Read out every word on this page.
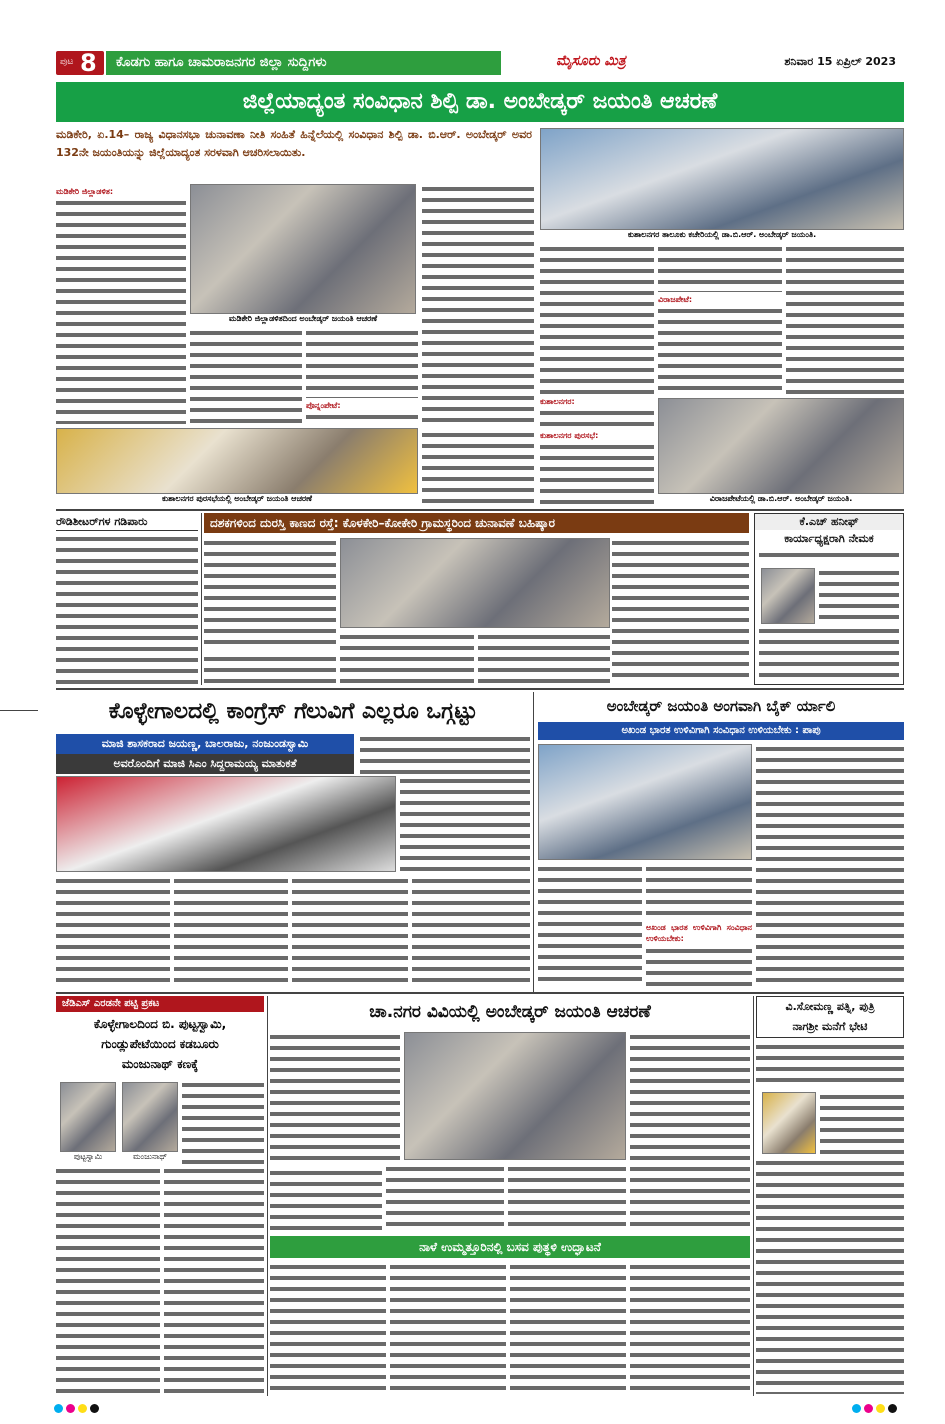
ಪುಟ 8	ಕೊಡಗು ಹಾಗೂ ಚಾಮರಾಜನಗರ ಜಿಲ್ಲಾ ಸುದ್ದಿಗಳು	ಮೈಸೂರು ಮಿತ್ರ	ಶನಿವಾರ 15 ಏಪ್ರಿಲ್ 2023
ಜಿಲ್ಲೆಯಾದ್ಯಂತ ಸಂವಿಧಾನ ಶಿಲ್ಪಿ ಡಾ. ಅಂಬೇಡ್ಕರ್ ಜಯಂತಿ ಆಚರಣೆ
ಮಡಿಕೇರಿ, ಏ.14– ರಾಜ್ಯ ವಿಧಾನಸಭಾ ಚುನಾವಣಾ ನೀತಿ ಸಂಹಿತೆ ಹಿನ್ನೆಲೆಯಲ್ಲಿ ಸಂವಿಧಾನ ಶಿಲ್ಪಿ ಡಾ. ಬಿ.ಆರ್. ಅಂಬೇಡ್ಕರ್ ಅವರ 132ನೇ ಜಯಂತಿಯನ್ನು ಜಿಲ್ಲೆಯಾದ್ಯಂತ ಸರಳವಾಗಿ ಆಚರಿಸಲಾಯಿತು.
ಮಡಿಕೇರಿ ಜಿಲ್ಲಾಡಳಿತ:
ಮಡಿಕೇರಿ ಜಿಲ್ಲಾಡಳಿತದಿಂದ ಅಂಬೇಡ್ಕರ್ ಜಯಂತಿ ಆಚರಣೆ
ಪೊನ್ನಂಪೇಟೆ:
ಕುಶಾಲನಗರ ತಾಲೂಕು ಕಚೇರಿಯಲ್ಲಿ ಡಾ.ಬಿ.ಆರ್. ಅಂಬೇಡ್ಕರ್ ಜಯಂತಿ.
ಕುಶಾಲನಗರ:
ವಿರಾಜಪೇಟೆ:
ಕುಶಾಲನಗರ ಪುರಸಭೆಯಲ್ಲಿ ಅಂಬೇಡ್ಕರ್ ಜಯಂತಿ ಆಚರಣೆ
ಕುಶಾಲನಗರ ಪುರಸಭೆ:
ವಿರಾಜಪೇಟೆಯಲ್ಲಿ ಡಾ.ಬಿ.ಆರ್. ಅಂಬೇಡ್ಕರ್ ಜಯಂತಿ.
ರೌಡಿಶೀಟರ್‌ಗಳ ಗಡಿಪಾರು	ದಶಕಗಳಿಂದ ದುರಸ್ತಿ ಕಾಣದ ರಸ್ತೆ: ಕೊಳಕೇರಿ–ಕೋಕೇರಿ ಗ್ರಾಮಸ್ಥರಿಂದ ಚುನಾವಣೆ ಬಹಿಷ್ಕಾರ	ಕೆ.ಎಚ್ ಹನೀಫ್
ಕಾರ್ಯಾಧ್ಯಕ್ಷರಾಗಿ ನೇಮಕ
ಕೊಳ್ಳೇಗಾಲದಲ್ಲಿ ಕಾಂಗ್ರೆಸ್ ಗೆಲುವಿಗೆ ಎಲ್ಲರೂ ಒಗ್ಗಟ್ಟು
ಮಾಜಿ ಶಾಸಕರಾದ ಜಯಣ್ಣ, ಬಾಲರಾಜು, ನಂಜುಂಡಸ್ವಾಮಿ
ಅವರೊಂದಿಗೆ ಮಾಜಿ ಸಿಎಂ ಸಿದ್ದರಾಮಯ್ಯ ಮಾತುಕತೆ
ಅಂಬೇಡ್ಕರ್ ಜಯಂತಿ ಅಂಗವಾಗಿ ಬೈಕ್ ರ್ಯಾಲಿ
ಅಖಂಡ ಭಾರತ ಉಳಿವಿಗಾಗಿ ಸಂವಿಧಾನ ಉಳಿಯಬೇಕು : ಪಾಪು
ಅಖಂಡ ಭಾರತ ಉಳಿವಿಗಾಗಿ ಸಂವಿಧಾನ ಉಳಿಯಬೇಕು:
ಜೆಡಿಎಸ್ ಎರಡನೇ ಪಟ್ಟಿ ಪ್ರಕಟ
ಕೊಳ್ಳೇಗಾಲದಿಂದ ಬಿ. ಪುಟ್ಟಸ್ವಾಮಿ,
ಗುಂಡ್ಲುಪೇಟೆಯಿಂದ ಕಡಬೂರು
ಮಂಜುನಾಥ್ ಕಣಕ್ಕೆ
ಪುಟ್ಟಸ್ವಾಮಿ	ಮಂಜುನಾಥ್
ಚಾ.ನಗರ ವಿವಿಯಲ್ಲಿ ಅಂಬೇಡ್ಕರ್ ಜಯಂತಿ ಆಚರಣೆ
ನಾಳೆ ಉಮ್ಮತ್ತೂರಿನಲ್ಲಿ ಬಸವ ಪುತ್ಥಳಿ ಉದ್ಘಾಟನೆ
ವಿ.ಸೋಮಣ್ಣ ಪತ್ನಿ, ಪುತ್ರಿ
ನಾಗಶ್ರೀ ಮನೆಗೆ ಭೇಟಿ
